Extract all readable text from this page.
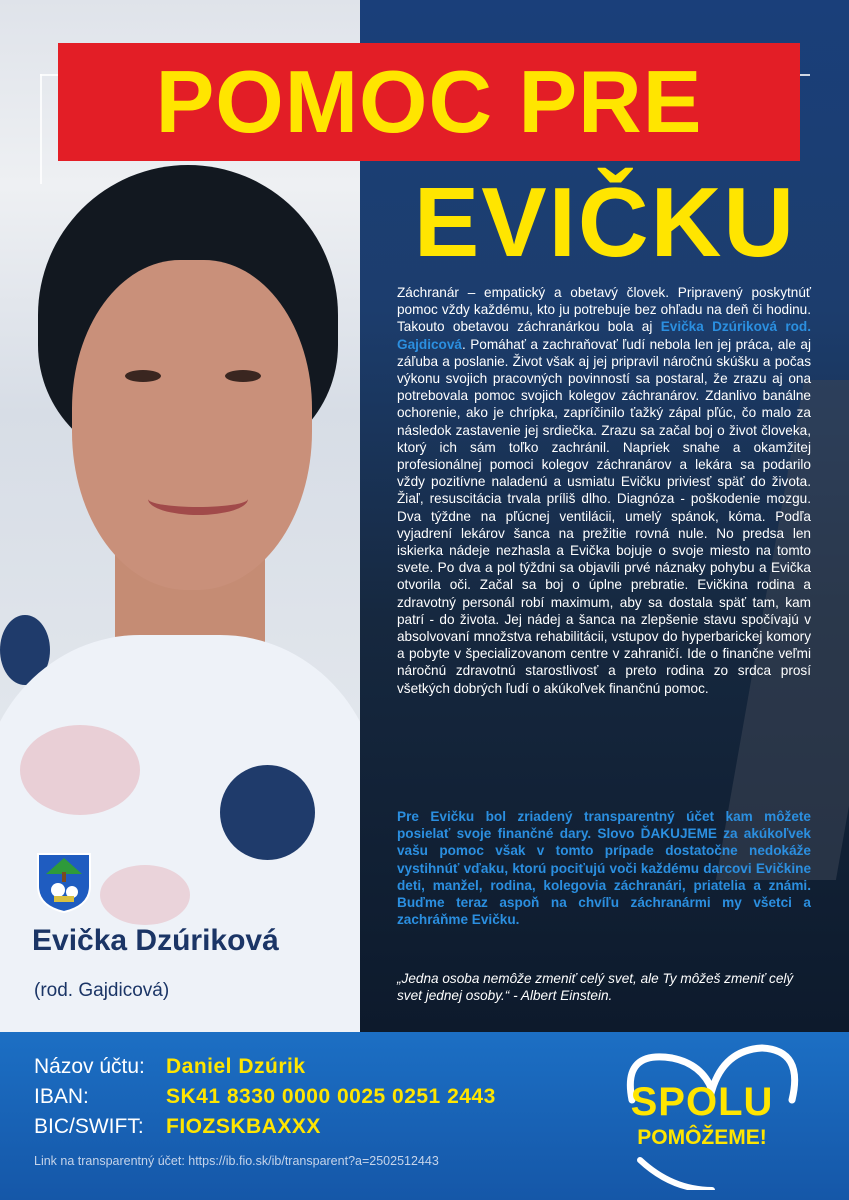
POMOC PRE
EVIČKU
Záchranár – empatický a obetavý človek. Pripravený poskytnúť pomoc vždy každému, kto ju potrebuje bez ohľadu na deň či hodinu. Takouto obetavou záchranárkou bola aj Evička Dzúriková rod. Gajdicová. Pomáhať a zachraňovať ľudí nebola len jej práca, ale aj záľuba a poslanie. Život však aj jej pripravil náročnú skúšku a počas výkonu svojich pracovných povinností sa postaral, že zrazu aj ona potrebovala pomoc svojich kolegov záchranárov. Zdanlivo banálne ochorenie, ako je chrípka, zapríčinilo ťažký zápal pľúc, čo malo za následok zastavenie jej srdiečka. Zrazu sa začal boj o život človeka, ktorý ich sám toľko zachránil. Napriek snahe a okamžitej profesionálnej pomoci kolegov záchranárov a lekára sa podarilo vždy pozitívne naladenú a usmiatu Evičku priviesť späť do života. Žiaľ, resuscitácia trvala príliš dlho. Diagnóza - poškodenie mozgu. Dva týždne na pľúcnej ventilácii, umelý spánok, kóma. Podľa vyjadrení lekárov šanca na prežitie rovná nule. No predsa len iskierka nádeje nezhasla a Evička bojuje o svoje miesto na tomto svete. Po dva a pol týždni sa objavili prvé náznaky pohybu a Evička otvorila oči. Začal sa boj o úplne prebratie. Evičkina rodina a zdravotný personál robí maximum, aby sa dostala späť tam, kam patrí - do života. Jej nádej a šanca na zlepšenie stavu spočívajú v absolvovaní množstva rehabilitácii, vstupov do hyperbarickej komory a pobyte v špecializovanom centre v zahraničí. Ide o finančne veľmi náročnú zdravotnú starostlivosť a preto rodina zo srdca prosí všetkých dobrých ľudí o akúkoľvek finančnú pomoc.
Pre Evičku bol zriadený transparentný účet kam môžete posielať svoje finančné dary. Slovo ĎAKUJEME za akúkoľvek vašu pomoc však v tomto prípade dostatočne nedokáže vystihnúť vďaku, ktorú pociťujú voči každému darcovi Evičkine deti, manžel, rodina, kolegovia záchranári, priatelia a známi. Buďme teraz aspoň na chvíľu záchranármi my všetci a zachráňme Evičku.
„Jedna osoba nemôže zmeniť celý svet, ale Ty môžeš zmeniť celý svet jednej osoby.“ - Albert Einstein.
Evička Dzúriková
(rod. Gajdicová)
Názov účtu: Daniel Dzúrik
IBAN:	SK41 8330 0000 0025 0251 2443
BIC/SWIFT: FIOZSKBAXXX
Link na transparentný účet: https://ib.fio.sk/ib/transparent?a=2502512443
SPOLU
POMÔŽEME!
